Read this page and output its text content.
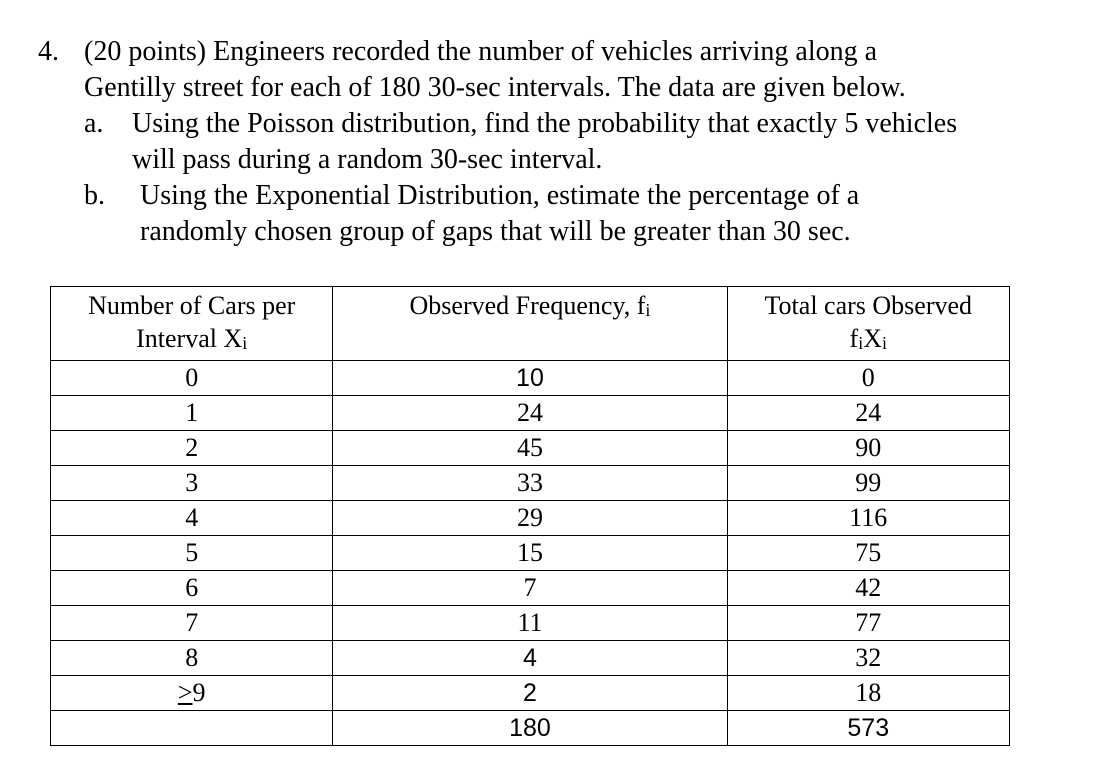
4. (20 points) Engineers recorded the number of vehicles arriving along a
Gentilly street for each of 180 30-sec intervals. The data are given below.
a.	Using the Poisson distribution, find the probability that exactly 5 vehicles
will pass during a random 30-sec interval.
b.	Using the Exponential Distribution, estimate the percentage of a
randomly chosen group of gaps that will be greater than 30 sec.
Number of Cars per
Interval Xi	Observed Frequency, fi	Total cars Observed
fiXi
0	10	0
1	24	24
2	45	90
3	33	99
4	29	116
5	15	75
6	7	42
7	11	77
8	4	32
>9	2	18
	180	573
